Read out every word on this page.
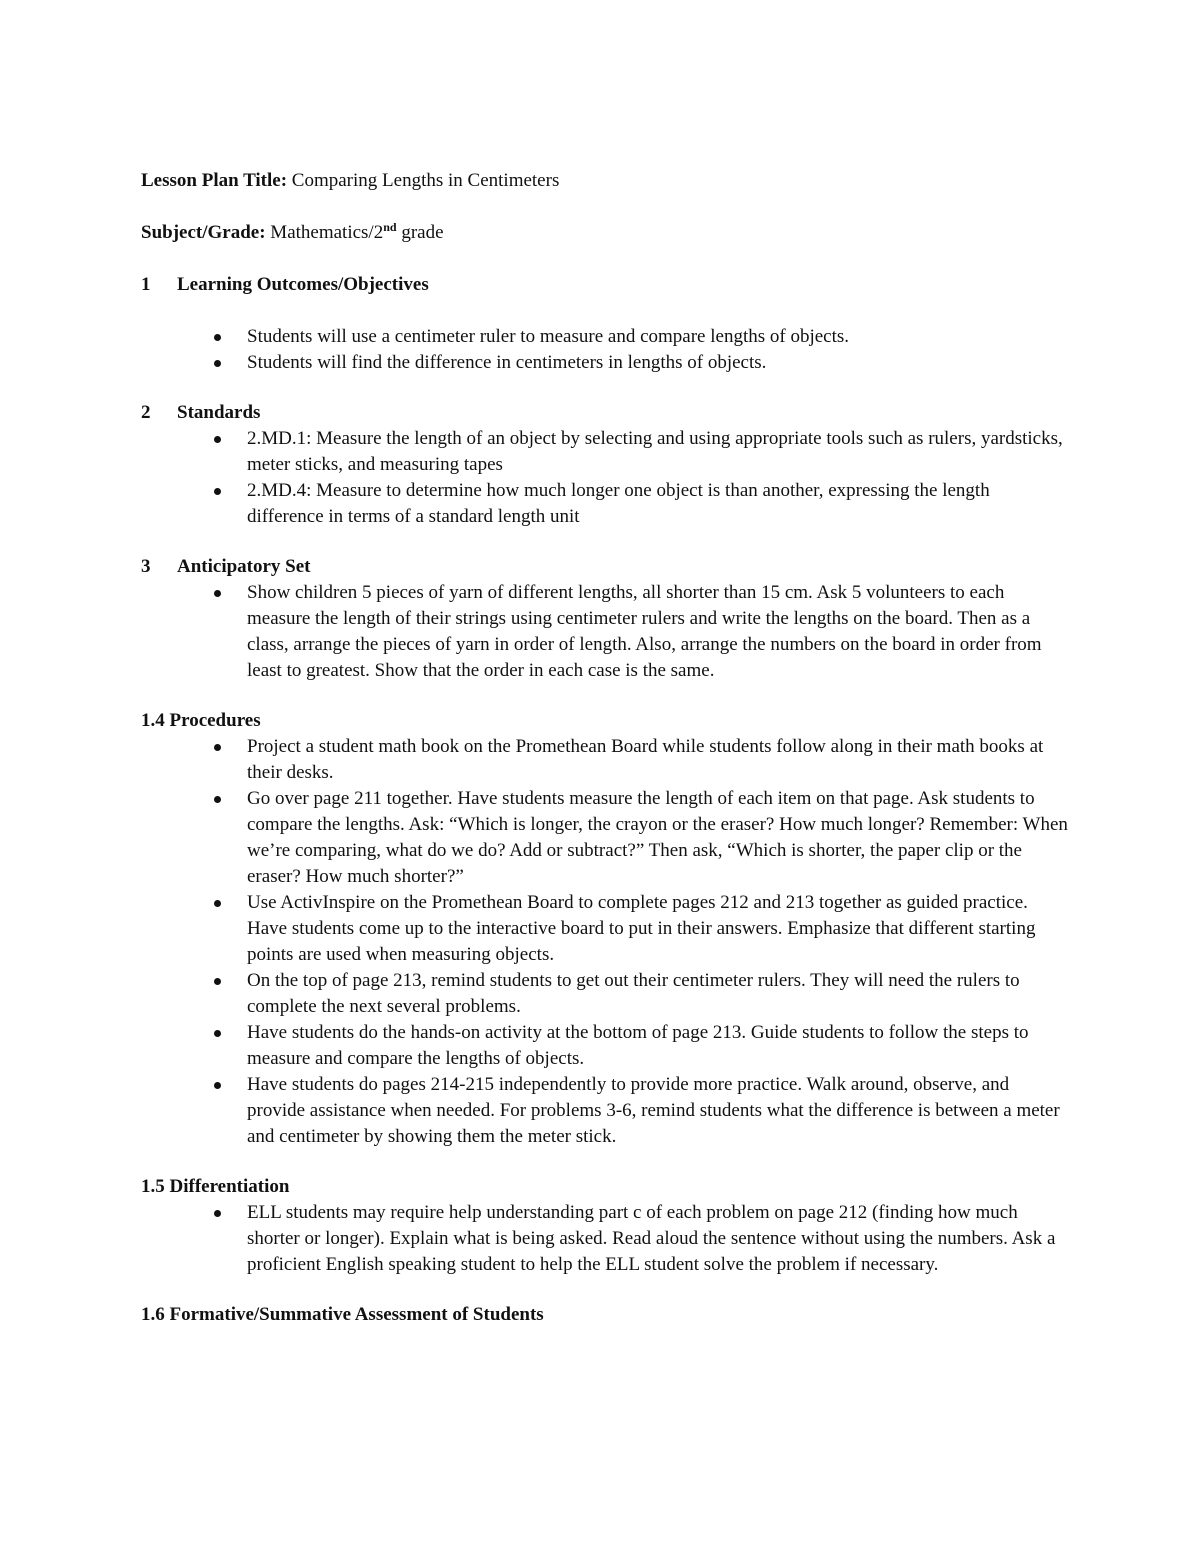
Lesson Plan Title: Comparing Lengths in Centimeters
Subject/Grade: Mathematics/2nd grade
1 Learning Outcomes/Objectives
Students will use a centimeter ruler to measure and compare lengths of objects.
Students will find the difference in centimeters in lengths of objects.
2 Standards
2.MD.1: Measure the length of an object by selecting and using appropriate tools such as rulers, yardsticks, meter sticks, and measuring tapes
2.MD.4: Measure to determine how much longer one object is than another, expressing the length difference in terms of a standard length unit
3 Anticipatory Set
Show children 5 pieces of yarn of different lengths, all shorter than 15 cm. Ask 5 volunteers to each measure the length of their strings using centimeter rulers and write the lengths on the board. Then as a class, arrange the pieces of yarn in order of length. Also, arrange the numbers on the board in order from least to greatest. Show that the order in each case is the same.
1.4 Procedures
Project a student math book on the Promethean Board while students follow along in their math books at their desks.
Go over page 211 together. Have students measure the length of each item on that page. Ask students to compare the lengths. Ask: “Which is longer, the crayon or the eraser? How much longer? Remember: When we’re comparing, what do we do? Add or subtract?” Then ask, “Which is shorter, the paper clip or the eraser? How much shorter?”
Use ActivInspire on the Promethean Board to complete pages 212 and 213 together as guided practice. Have students come up to the interactive board to put in their answers. Emphasize that different starting points are used when measuring objects.
On the top of page 213, remind students to get out their centimeter rulers. They will need the rulers to complete the next several problems.
Have students do the hands-on activity at the bottom of page 213. Guide students to follow the steps to measure and compare the lengths of objects.
Have students do pages 214-215 independently to provide more practice. Walk around, observe, and provide assistance when needed. For problems 3-6, remind students what the difference is between a meter and centimeter by showing them the meter stick.
1.5 Differentiation
ELL students may require help understanding part c of each problem on page 212 (finding how much shorter or longer). Explain what is being asked. Read aloud the sentence without using the numbers. Ask a proficient English speaking student to help the ELL student solve the problem if necessary.
1.6 Formative/Summative Assessment of Students
